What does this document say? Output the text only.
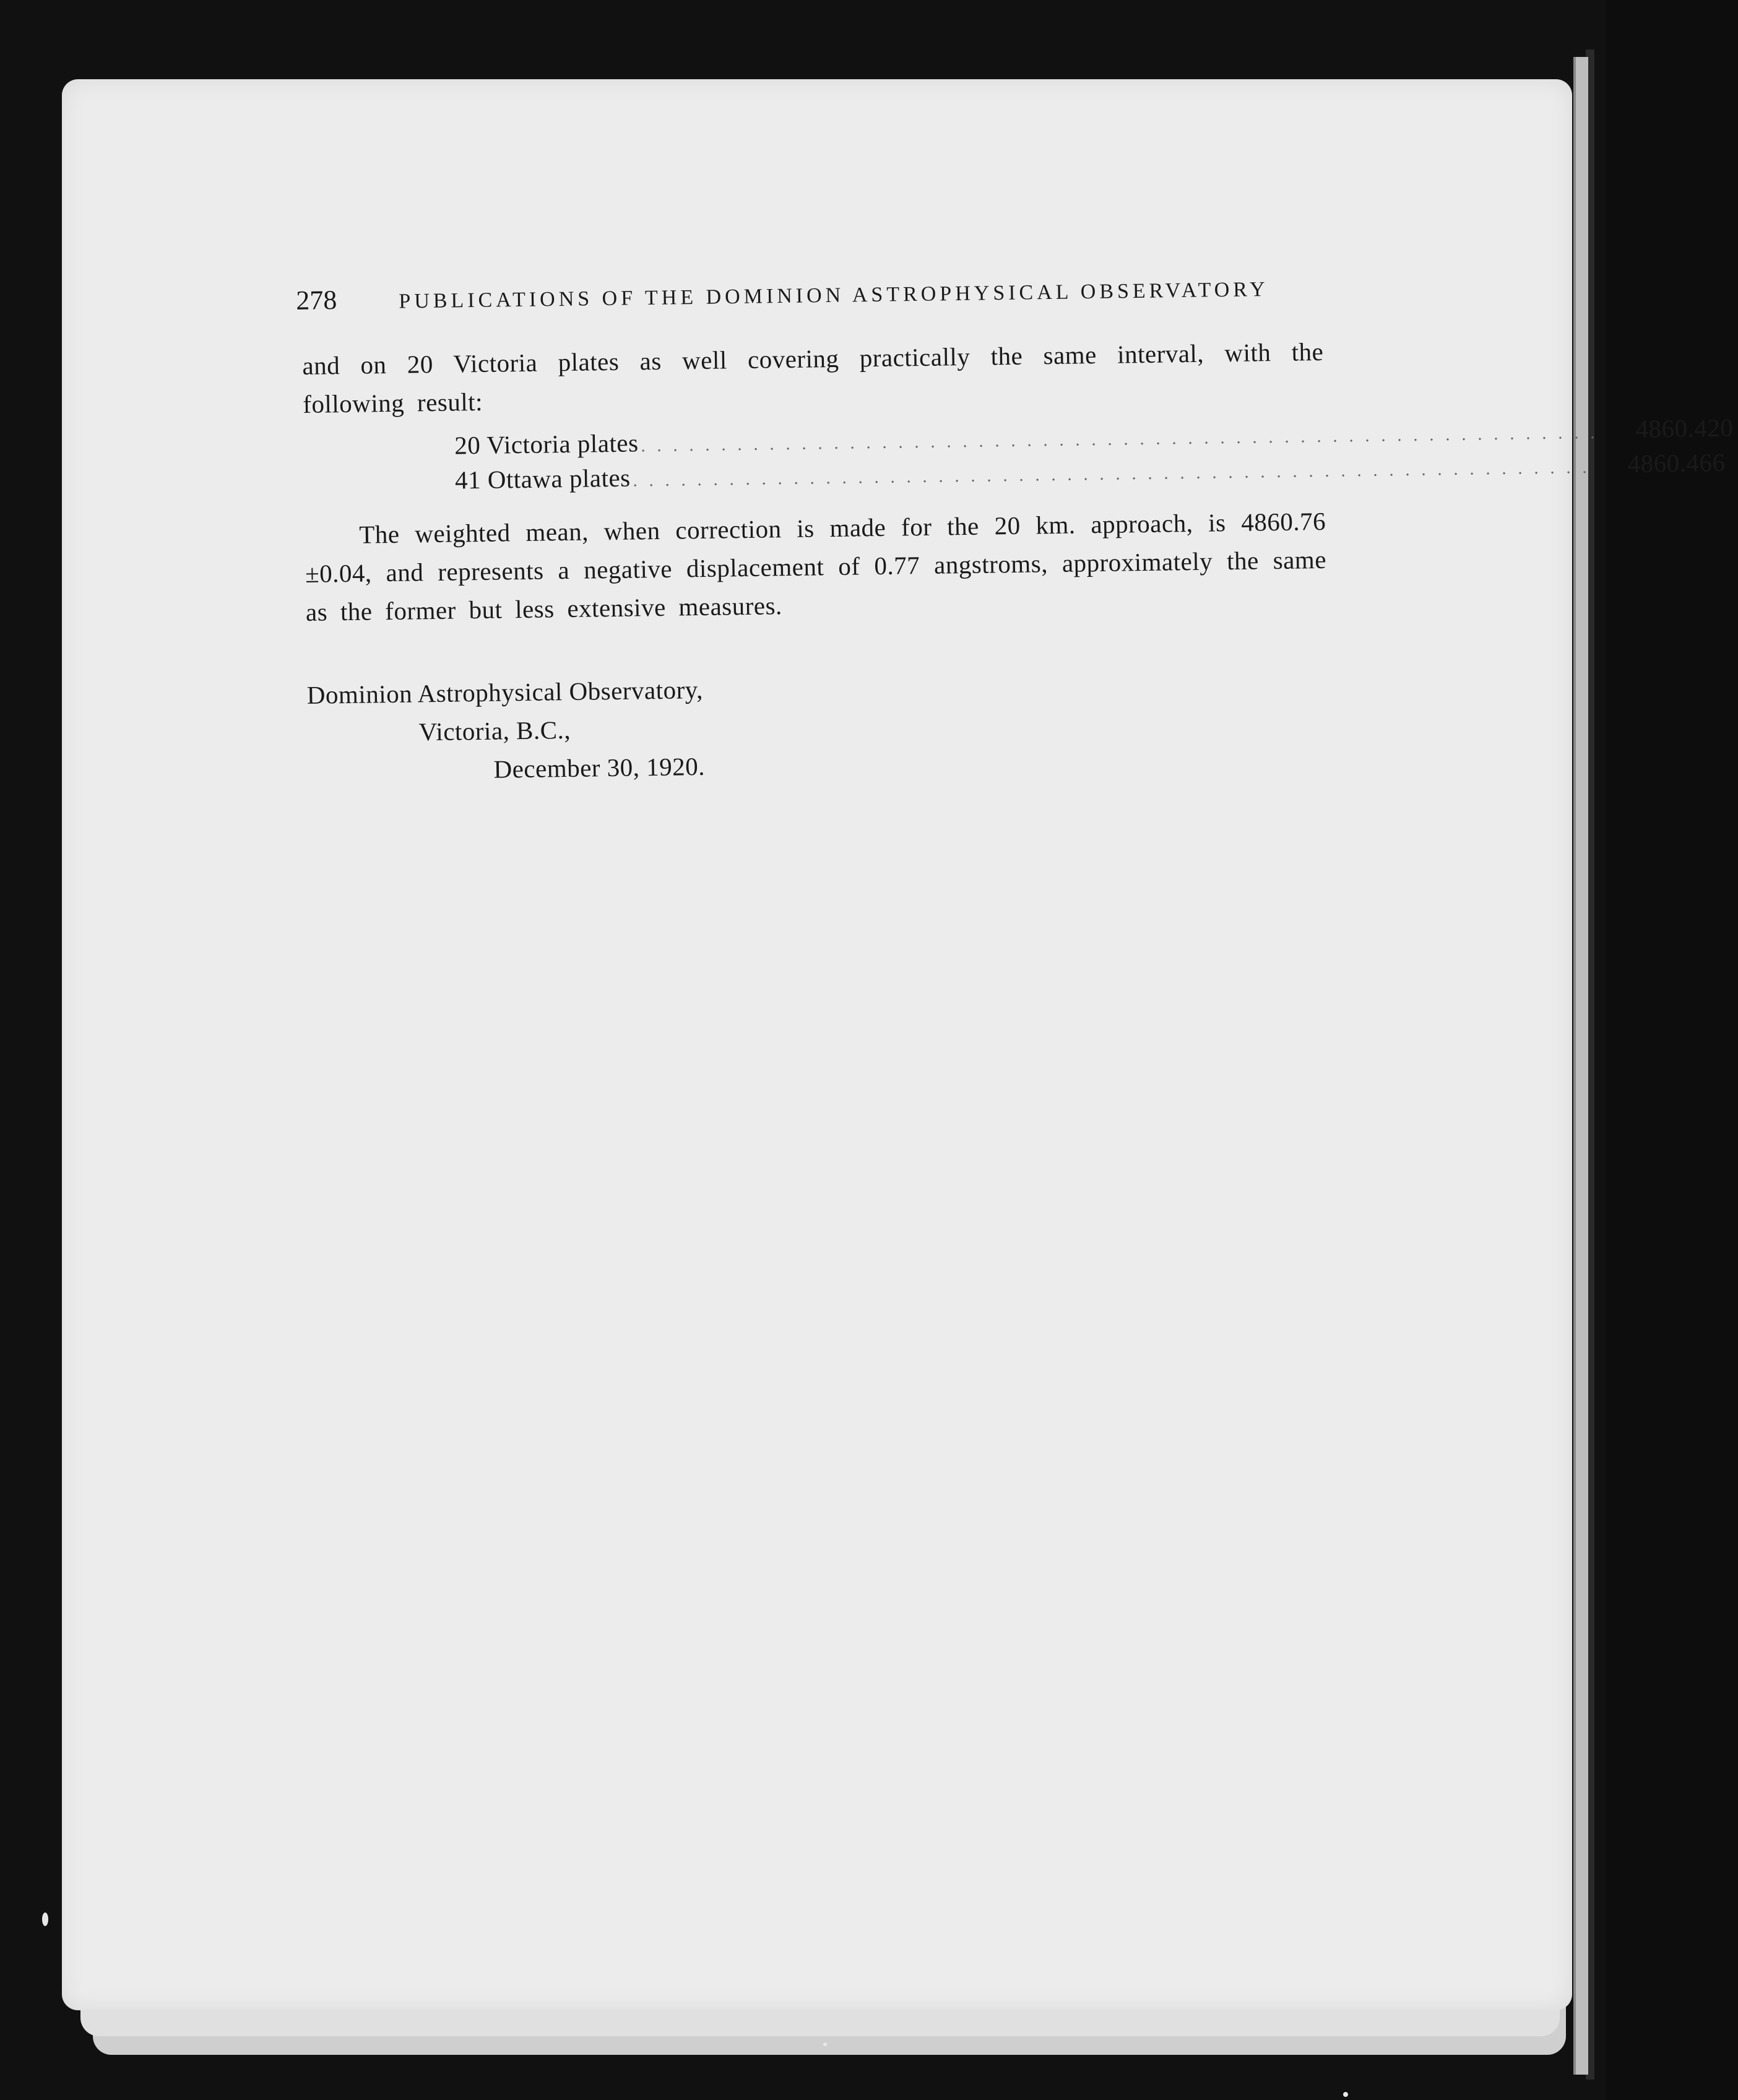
278	PUBLICATIONS OF THE DOMINION ASTROPHYSICAL OBSERVATORY

and on 20 Victoria plates as well covering practically the same interval, with the following result:

20 Victoria plates . . . . . . . . . . . . . . . . . . . . . . . . . . . . . . . . . . . . . . . . . . . . . . . . . . . . . . . . . . . .	4860.420
41 Ottawa plates . . . . . . . . . . . . . . . . . . . . . . . . . . . . . . . . . . . . . . . . . . . . . . . . . . . . . . . . . . . .	4860.466

The weighted mean, when correction is made for the 20 km. approach, is 4860.76 ±0.04, and represents a negative displacement of 0.77 angstroms, approximately the same as the former but less extensive measures.

Dominion Astrophysical Observatory,
Victoria, B.C.,
December 30, 1920.
